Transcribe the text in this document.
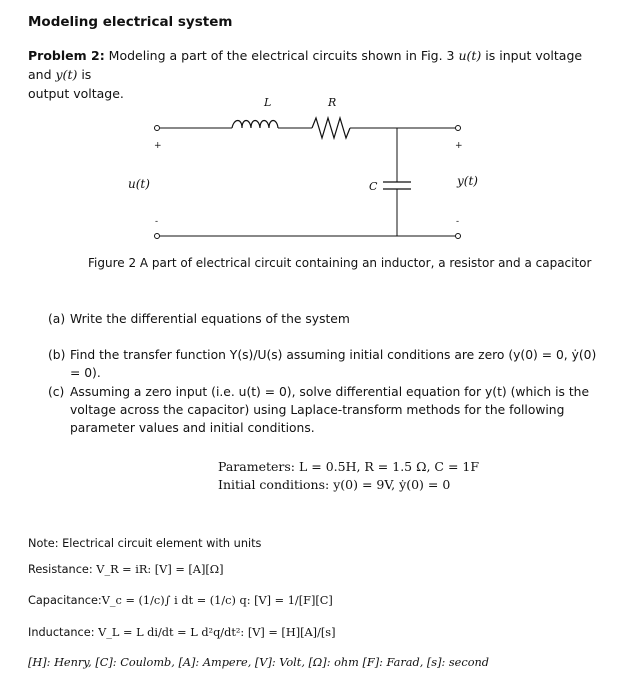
Modeling electrical system
Problem 2: Modeling a part of the electrical circuits shown in Fig. 3 u(t) is input voltage and y(t) is
output voltage.
L	R
C
+	+
-	-
u(t)	y(t)
Figure 2 A part of electrical circuit containing an inductor, a resistor and a capacitor
(a) Write the differential equations of the system
(b) Find the transfer function Y(s)/U(s) assuming initial conditions are zero (y(0) = 0, ẏ(0) = 0).
(c) Assuming a zero input (i.e. u(t) = 0), solve differential equation for y(t) (which is the voltage across the capacitor) using Laplace-transform methods for the following parameter values and initial conditions.
Parameters: L = 0.5H, R = 1.5 Ω, C = 1F
Initial conditions: y(0) = 9V, ẏ(0) = 0
Note: Electrical circuit element with units
Resistance: V_R = iR: [V] = [A][Ω]
Capacitance:V_c = (1/c)∫ i dt = (1/c) q: [V] = 1/[F][C]
Inductance: V_L = L di/dt = L d²q/dt²: [V] = [H][A]/[s]
[H]: Henry, [C]: Coulomb, [A]: Ampere, [V]: Volt, [Ω]: ohm [F]: Farad, [s]: second
